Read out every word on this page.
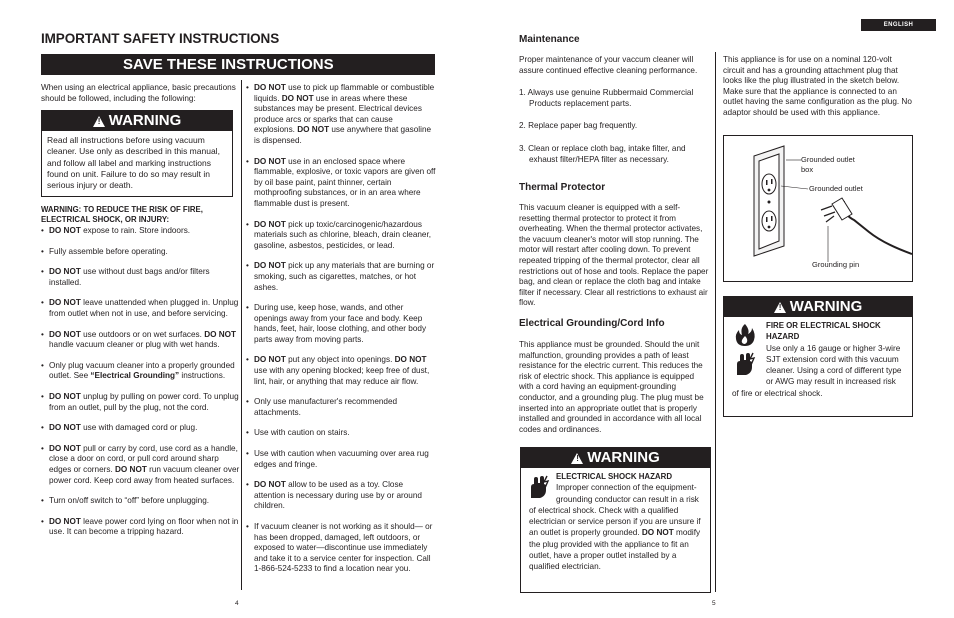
ENGLISH
IMPORTANT SAFETY INSTRUCTIONS
SAVE THESE INSTRUCTIONS
When using an electrical appliance, basic precautions should be followed, including the following:
! WARNING
Read all instructions before using vacuum cleaner. Use only as described in this manual, and follow all label and marking instructions found on unit. Failure to do so may result in serious injury or death.
WARNING: TO REDUCE THE RISK OF FIRE, ELECTRICAL SHOCK, OR INJURY:
• DO NOT expose to rain. Store indoors.
• Fully assemble before operating.
• DO NOT use without dust bags and/or filters installed.
• DO NOT leave unattended when plugged in. Unplug from outlet when not in use, and before servicing.
• DO NOT use outdoors or on wet surfaces. DO NOT handle vacuum cleaner or plug with wet hands.
• Only plug vacuum cleaner into a properly grounded outlet. See “Electrical Grounding” instructions.
• DO NOT unplug by pulling on power cord. To unplug from an outlet, pull by the plug, not the cord.
• DO NOT use with damaged cord or plug.
• DO NOT pull or carry by cord, use cord as a handle, close a door on cord, or pull cord around sharp edges or corners. DO NOT run vacuum cleaner over power cord. Keep cord away from heated surfaces.
• Turn on/off switch to “off” before unplugging.
• DO NOT leave power cord lying on floor when not in use. It can become a tripping hazard.
• DO NOT use to pick up flammable or combustible liquids. DO NOT use in areas where these substances may be present. Electrical devices produce arcs or sparks that can cause explosions. DO NOT use anywhere that gasoline is dispensed.
• DO NOT use in an enclosed space where flammable, explosive, or toxic vapors are given off by oil base paint, paint thinner, certain mothproofing substances, or in an area where flammable dust is present.
• DO NOT pick up toxic/carcinogenic/hazardous materials such as chlorine, bleach, drain cleaner, gasoline, asbestos, pesticides, or lead.
• DO NOT pick up any materials that are burning or smoking, such as cigarettes, matches, or hot ashes.
• During use, keep hose, wands, and other openings away from your face and body. Keep hands, feet, hair, loose clothing, and other body parts away from moving parts.
• DO NOT put any object into openings. DO NOT use with any opening blocked; keep free of dust, lint, hair, or anything that may reduce air flow.
• Only use manufacturer's recommended attachments.
• Use with caution on stairs.
• Use with caution when vacuuming over area rug edges and fringe.
• DO NOT allow to be used as a toy. Close attention is necessary during use by or around children.
• If vacuum cleaner is not working as it should— or has been dropped, damaged, left outdoors, or exposed to water—discontinue use immediately and take it to a service center for inspection. Call 1-866-524-5233 to find a location near you.
4
Maintenance
Proper maintenance of your vaccum cleaner will assure continued effective cleaning performance.
1. Always use genuine Rubbermaid Commercial Products replacement parts.
2. Replace paper bag frequently.
3. Clean or replace cloth bag, intake filter, and exhaust filter/HEPA filter as necessary.
Thermal Protector
This vacuum cleaner is equipped with a self-resetting thermal protector to protect it from overheating. When the thermal protector activates, the vacuum cleaner's motor will stop running. The motor will restart after cooling down. To prevent repeated tripping of the thermal protector, clear all restrictions out of hose and tools. Replace the paper bag, and clean or replace the cloth bag and intake filter if necessary. Clear all restrictions to exhaust air flow.
Electrical Grounding/Cord Info
This appliance must be grounded. Should the unit malfunction, grounding provides a path of least resistance for the electric current. This reduces the risk of electric shock. This appliance is equipped with a cord having an equipment-grounding conductor, and a grounding plug. The plug must be inserted into an appropriate outlet that is properly installed and grounded in accordance with all local codes and ordinances.
! WARNING
ELECTRICAL SHOCK HAZARD
Improper connection of the equipment-grounding conductor can result in a risk of electrical shock. Check with a qualified electrician or service person if you are unsure if an outlet is properly grounded. DO NOT modify the plug provided with the appliance to fit an outlet, have a proper outlet installed by a qualified electrician.
This appliance is for use on a nominal 120-volt circuit and has a grounding attachment plug that looks like the plug illustrated in the sketch below. Make sure that the appliance is connected to an outlet having the same configuration as the plug. No adaptor should be used with this appliance.
Grounded outlet box
Grounded outlet
Grounding pin
! WARNING

FIRE OR ELECTRICAL SHOCK HAZARD
Use only a 16 gauge or higher 3-wire SJT extension cord with this vacuum cleaner. Using a cord of different type or AWG may result in increased risk of fire or electrical shock.
5
